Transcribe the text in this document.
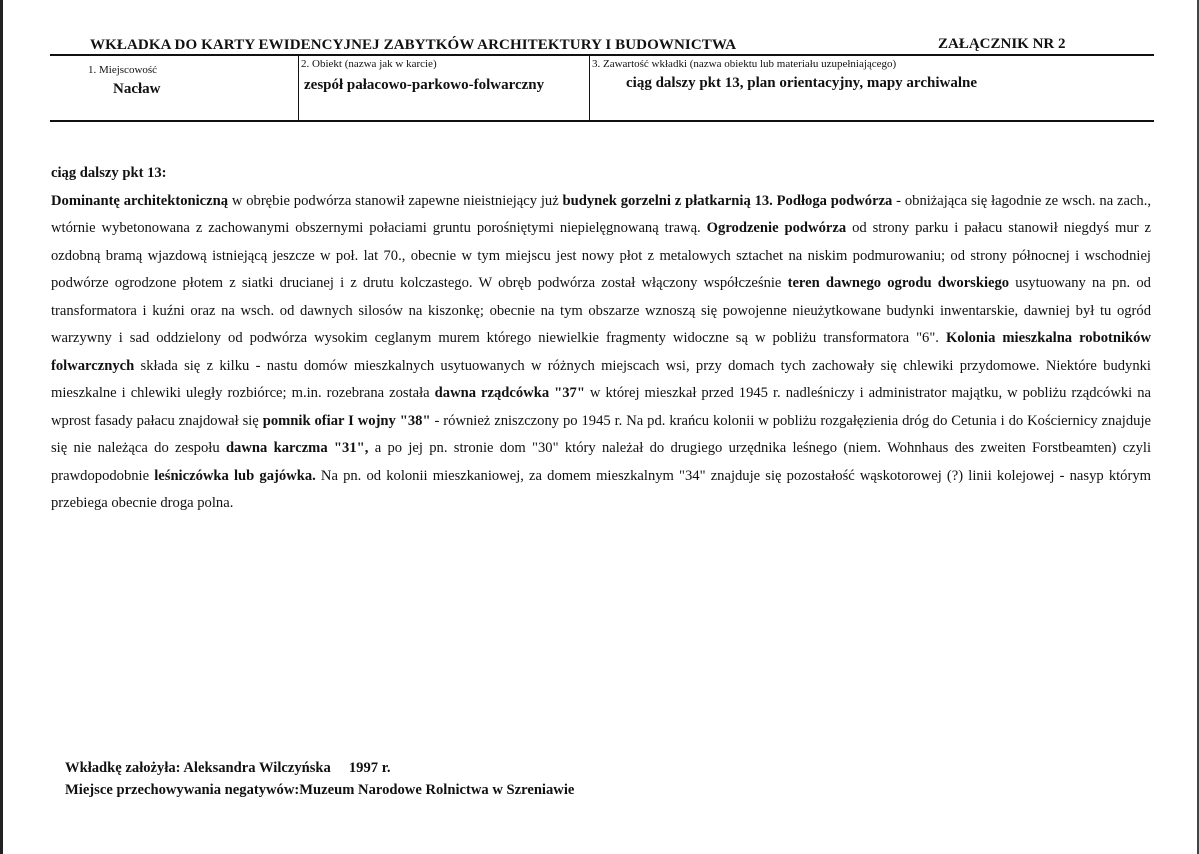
WKŁADKA DO KARTY EWIDENCYJNEJ ZABYTKÓW ARCHITEKTURY I BUDOWNICTWA	ZAŁĄCZNIK NR 2
1. Miejscowość
Nacław
2. Obiekt (nazwa jak w karcie)
zespół pałacowo-parkowo-folwarczny
3. Zawartość wkładki (nazwa obiektu lub materiału uzupełniającego)
ciąg dalszy pkt 13, plan orientacyjny, mapy archiwalne

ciąg dalszy pkt 13:

Dominantę architektoniczną w obrębie podwórza stanowił zapewne nieistniejący już budynek gorzelni z płatkarnią 13. Podłoga podwórza - obniżająca się łagodnie ze wsch. na zach., wtórnie wybetonowana z zachowanymi obszernymi połaciami gruntu porośniętymi niepielęgnowaną trawą. Ogrodzenie podwórza od strony parku i pałacu stanowił niegdyś mur z ozdobną bramą wjazdową istniejącą jeszcze w poł. lat 70., obecnie w tym miejscu jest nowy płot z metalowych sztachet na niskim podmurowaniu; od strony północnej i wschodniej podwórze ogrodzone płotem z siatki drucianej i z drutu kolczastego. W obręb podwórza został włączony współcześnie teren dawnego ogrodu dworskiego usytuowany na pn. od transformatora i kuźni oraz na wsch. od dawnych silosów na kiszonkę; obecnie na tym obszarze wznoszą się powojenne nieużytkowane budynki inwentarskie, dawniej był tu ogród warzywny i sad oddzielony od podwórza wysokim ceglanym murem którego niewielkie fragmenty widoczne są w pobliżu transformatora "6". Kolonia mieszkalna robotników folwarcznych składa się z kilku - nastu domów mieszkalnych usytuowanych w różnych miejscach wsi, przy domach tych zachowały się chlewiki przydomowe. Niektóre budynki mieszkalne i chlewiki uległy rozbiórce; m.in. rozebrana została dawna rządcówka "37" w której mieszkał przed 1945 r. nadleśniczy i administrator majątku, w pobliżu rządcówki na wprost fasady pałacu znajdował się pomnik ofiar I wojny "38" - również zniszczony po 1945 r. Na pd. krańcu kolonii w pobliżu rozgałęzienia dróg do Cetunia i do Kościernicy znajduje się nie należąca do zespołu dawna karczma "31", a po jej pn. stronie dom "30" który należał do drugiego urzędnika leśnego (niem. Wohnhaus des zweiten Forstbeamten) czyli prawdopodobnie leśniczówka lub gajówka. Na pn. od kolonii mieszkaniowej, za domem mieszkalnym "34" znajduje się pozostałość wąskotorowej (?) linii kolejowej - nasyp którym przebiega obecnie droga polna.

Wkładkę założyła: Aleksandra Wilczyńska 1997 r.
Miejsce przechowywania negatywów:Muzeum Narodowe Rolnictwa w Szreniawie
